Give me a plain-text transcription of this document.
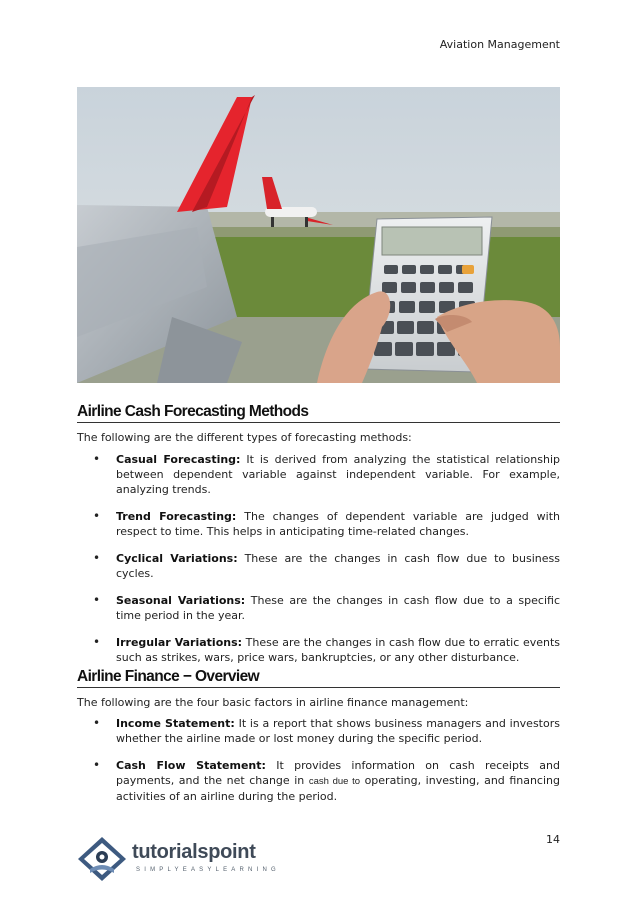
Aviation Management
Airline Cash Forecasting Methods
The following are the different types of forecasting methods:
• Casual Forecasting: It is derived from analyzing the statistical relationship between dependent variable against independent variable. For example, analyzing trends.
• Trend Forecasting: The changes of dependent variable are judged with respect to time. This helps in anticipating time-related changes.
• Cyclical Variations: These are the changes in cash flow due to business cycles.
• Seasonal Variations: These are the changes in cash flow due to a specific time period in the year.
• Irregular Variations: These are the changes in cash flow due to erratic events such as strikes, wars, price wars, bankruptcies, or any other disturbance.
Airline Finance − Overview
The following are the four basic factors in airline finance management:
• Income Statement: It is a report that shows business managers and investors whether the airline made or lost money during the specific period.
• Cash Flow Statement: It provides information on cash receipts and payments, and the net change in cash due to operating, investing, and financing activities of an airline during the period.
14
tutorialspoint
SIMPLYEASYLEARNING
